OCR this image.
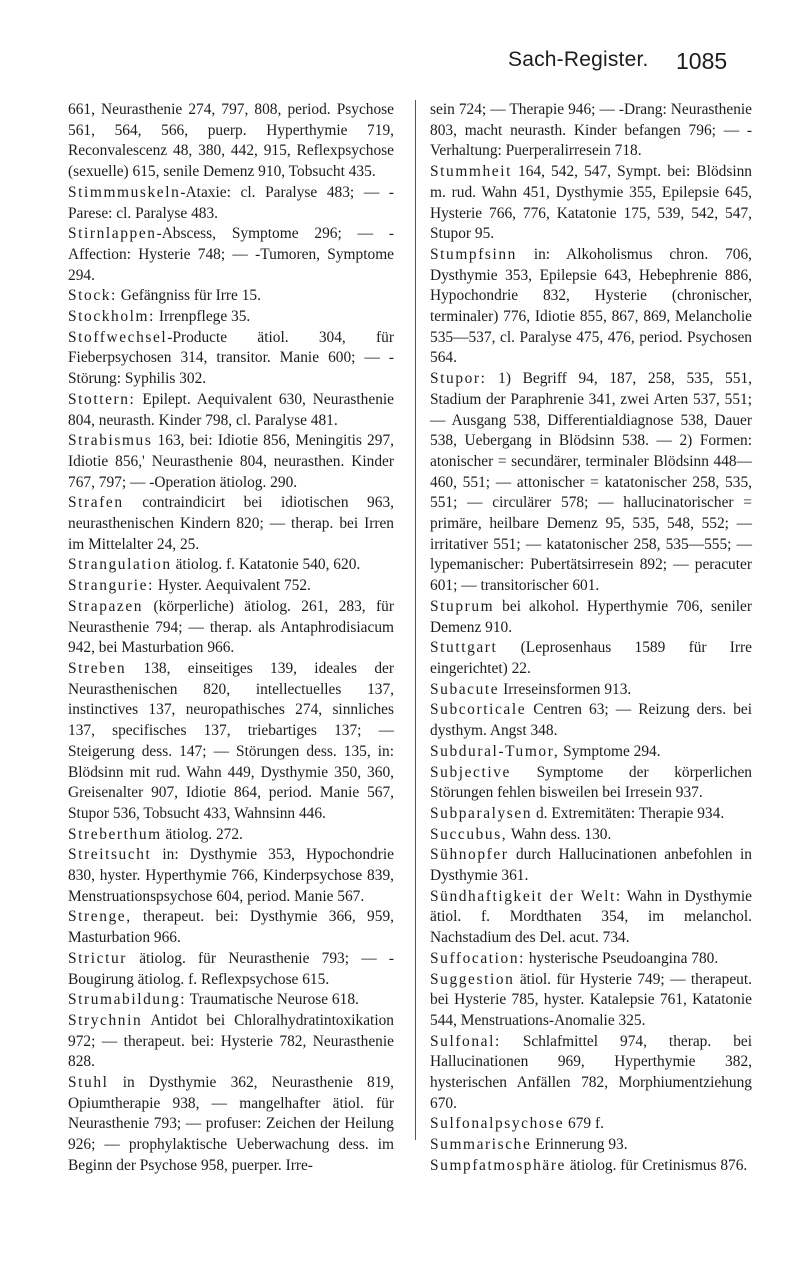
Sach-Register. 1085

661, Neurasthenie 274, 797, 808, period. Psychose 561, 564, 566, puerp. Hyperthymie 719, Reconvalescenz 48, 380, 442, 915, Reflexpsychose (sexuelle) 615, senile Demenz 910, Tobsucht 435.

Stimmmuskeln-Ataxie: cl. Paralyse 483; — -Parese: cl. Paralyse 483.

Stirnlappen-Abscess, Symptome 296; — -Affection: Hysterie 748; — -Tumoren, Symptome 294.

Stock: Gefängniss für Irre 15.

Stockholm: Irrenpflege 35.

Stoffwechsel-Producte ätiol. 304, für Fieberpsychosen 314, transitor. Manie 600; — -Störung: Syphilis 302.

Stottern: Epilept. Aequivalent 630, Neurasthenie 804, neurasth. Kinder 798, cl. Paralyse 481.

Strabismus 163, bei: Idiotie 856, Meningitis 297, Idiotie 856,' Neurasthenie 804, neurasthen. Kinder 767, 797; — -Operation ätiolog. 290.

Strafen contraindicirt bei idiotischen 963, neurasthenischen Kindern 820; — therap. bei Irren im Mittelalter 24, 25.

Strangulation ätiolog. f. Katatonie 540, 620.

Strangurie: Hyster. Aequivalent 752.

Strapazen (körperliche) ätiolog. 261, 283, für Neurasthenie 794; — therap. als Antaphrodisiacum 942, bei Masturbation 966.

Streben 138, einseitiges 139, ideales der Neurasthenischen 820, intellectuelles 137, instinctives 137, neuropathisches 274, sinnliches 137, specifisches 137, triebartiges 137; — Steigerung dess. 147; — Störungen dess. 135, in: Blödsinn mit rud. Wahn 449, Dysthymie 350, 360, Greisenalter 907, Idiotie 864, period. Manie 567, Stupor 536, Tobsucht 433, Wahnsinn 446.

Streberthum ätiolog. 272.

Streitsucht in: Dysthymie 353, Hypochondrie 830, hyster. Hyperthymie 766, Kinderpsychose 839, Menstruationspsychose 604, period. Manie 567.

Strenge, therapeut. bei: Dysthymie 366, 959, Masturbation 966.

Strictur ätiolog. für Neurasthenie 793; — -Bougirung ätiolog. f. Reflexpsychose 615.

Strumabildung: Traumatische Neurose 618.

Strychnin Antidot bei Chloralhydratintoxikation 972; — therapeut. bei: Hysterie 782, Neurasthenie 828.

Stuhl in Dysthymie 362, Neurasthenie 819, Opiumtherapie 938, — mangelhafter ätiol. für Neurasthenie 793; — profuser: Zeichen der Heilung 926; — prophylaktische Ueberwachung dess. im Beginn der Psychose 958, puerper. Irre-

sein 724; — Therapie 946; — -Drang: Neurasthenie 803, macht neurasth. Kinder befangen 796; — -Verhaltung: Puerperalirresein 718.

Stummheit 164, 542, 547, Sympt. bei: Blödsinn m. rud. Wahn 451, Dysthymie 355, Epilepsie 645, Hysterie 766, 776, Katatonie 175, 539, 542, 547, Stupor 95.

Stumpfsinn in: Alkoholismus chron. 706, Dysthymie 353, Epilepsie 643, Hebephrenie 886, Hypochondrie 832, Hysterie (chronischer, terminaler) 776, Idiotie 855, 867, 869, Melancholie 535—537, cl. Paralyse 475, 476, period. Psychosen 564.

Stupor: 1) Begriff 94, 187, 258, 535, 551, Stadium der Paraphrenie 341, zwei Arten 537, 551; — Ausgang 538, Differentialdiagnose 538, Dauer 538, Uebergang in Blödsinn 538. — 2) Formen: atonischer = secundärer, terminaler Blödsinn 448—460, 551; — attonischer = katatonischer 258, 535, 551; — circulärer 578; — hallucinatorischer = primäre, heilbare Demenz 95, 535, 548, 552; — irritativer 551; — katatonischer 258, 535—555; — lypemanischer: Pubertätsirresein 892; — peracuter 601; — transitorischer 601.

Stuprum bei alkohol. Hyperthymie 706, seniler Demenz 910.

Stuttgart (Leprosenhaus 1589 für Irre eingerichtet) 22.

Subacute Irreseinsformen 913.

Subcorticale Centren 63; — Reizung ders. bei dysthym. Angst 348.

Subdural-Tumor, Symptome 294.

Subjective Symptome der körperlichen Störungen fehlen bisweilen bei Irresein 937.

Subparalysen d. Extremitäten: Therapie 934.

Succubus, Wahn dess. 130.

Sühnopfer durch Hallucinationen anbefohlen in Dysthymie 361.

Sündhaftigkeit der Welt: Wahn in Dysthymie ätiol. f. Mordthaten 354, im melanchol. Nachstadium des Del. acut. 734.

Suffocation: hysterische Pseudoangina 780.

Suggestion ätiol. für Hysterie 749; — therapeut. bei Hysterie 785, hyster. Katalepsie 761, Katatonie 544, Menstruations-Anomalie 325.

Sulfonal: Schlafmittel 974, therap. bei Hallucinationen 969, Hyperthymie 382, hysterischen Anfällen 782, Morphiumentziehung 670.

Sulfonalpsychose 679 f.

Summarische Erinnerung 93.

Sumpfatmosphäre ätiolog. für Cretinismus 876.
